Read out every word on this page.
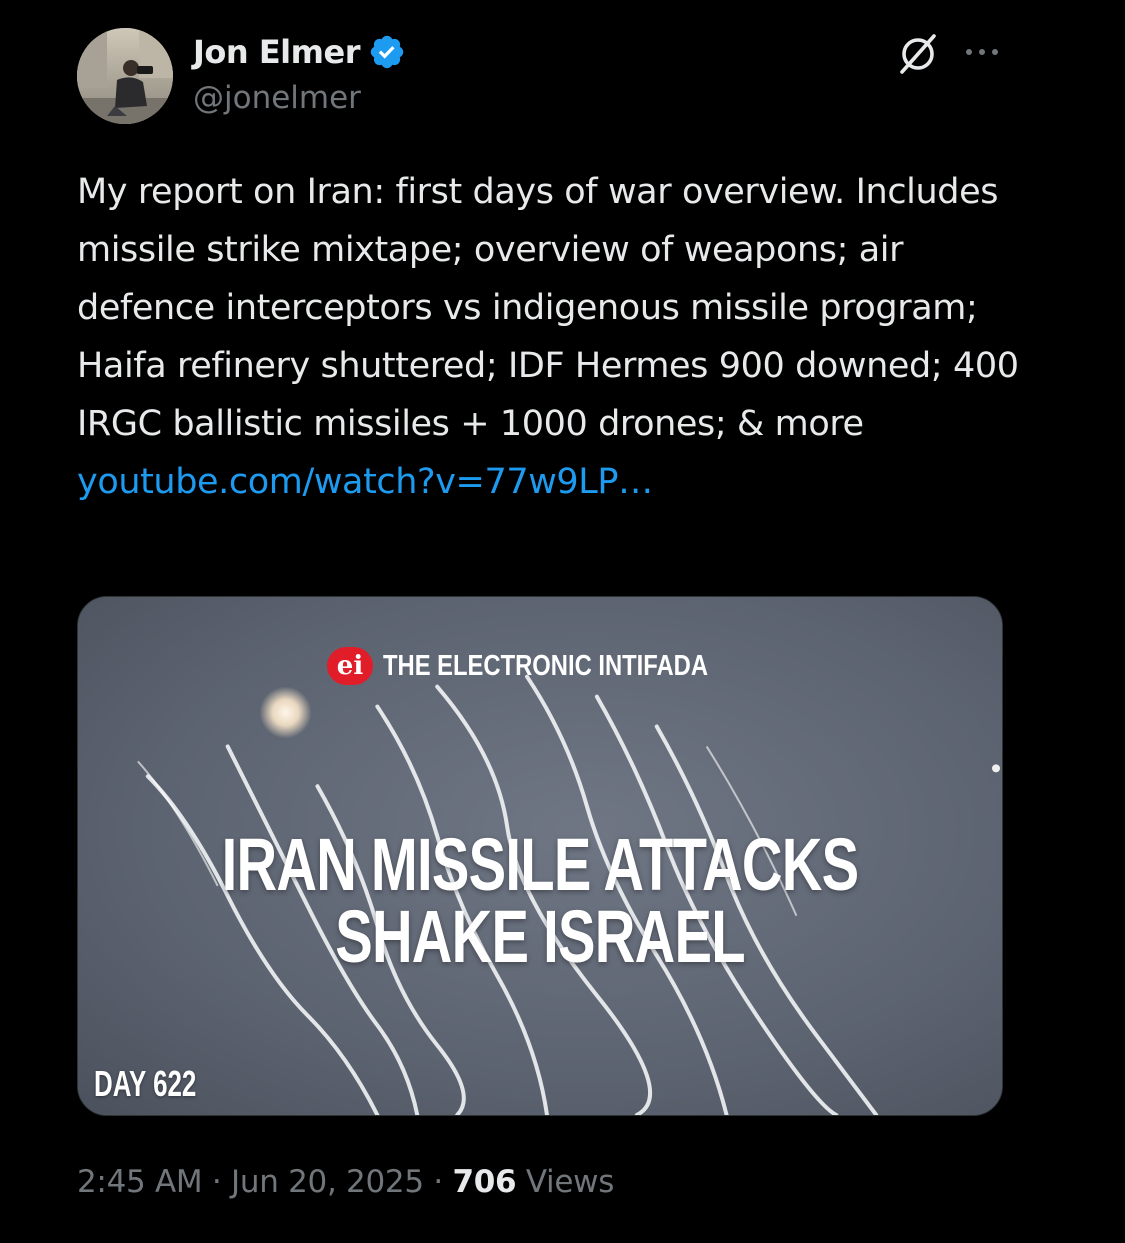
Jon Elmer
@jonelmer
My report on Iran: first days of war overview. Includes missile strike mixtape; overview of weapons; air defence interceptors vs indigenous missile program; Haifa refinery shuttered; IDF Hermes 900 downed; 400 IRGC ballistic missiles + 1000 drones; & more youtube.com/watch?v=77w9LP…
ei THE ELECTRONIC INTIFADA
IRAN MISSILE ATTACKS
SHAKE ISRAEL
DAY 622
2:45 AM · Jun 20, 2025 · 706 Views
